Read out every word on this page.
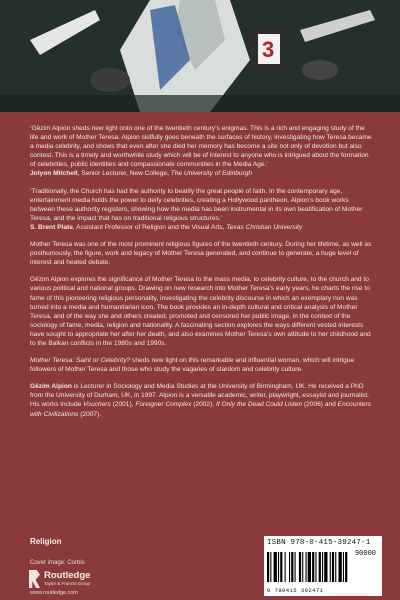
3

‘Gëzim Alpion sheds new light onto one of the twentieth century’s enigmas. This is a rich and engaging study of the life and work of Mother Teresa. Alpion skilfully goes beneath the surfaces of history, investigating how Teresa became a media celebrity, and shows that even after she died her memory has become a site not only of devotion but also contest. This is a timely and worthwhile study which will be of interest to anyone who is intrigued about the formation of celebrities, public identities and compassionate communities in the Media Age.’
Jolyon Mitchell, Senior Lecturer, New College, The University of Edinburgh

‘Traditionally, the Church has had the authority to beatify the great people of faith. In the contemporary age, entertainment media holds the power to deify celebrities, creating a Hollywood pantheon. Alpion’s book works between these authority registers, showing how the media has been instrumental in its own beatification of Mother Teresa, and the impact that has on traditional religious structures.’
S. Brent Plate, Assistant Professor of Religion and the Visual Arts, Texas Christian University

Mother Teresa was one of the most prominent religious figures of the twentieth century. During her lifetime, as well as posthumously, the figure, work and legacy of Mother Teresa generated, and continue to generate, a huge level of interest and heated debate.

Gëzim Alpion explores the significance of Mother Teresa to the mass media, to celebrity culture, to the church and to various political and national groups. Drawing on new research into Mother Teresa’s early years, he charts the rise to fame of this pioneering religious personality, investigating the celebrity discourse in which an exemplary nun was turned into a media and humanitarian icon. The book provides an in-depth cultural and critical analysis of Mother Teresa, and of the way she and others created, promoted and censored her public image, in the context of the sociology of fame, media, religion and nationality. A fascinating section explores the ways different vested interests have sought to appropriate her after her death, and also examines Mother Teresa’s own attitude to her childhood and to the Balkan conflicts in the 1980s and 1990s.

Mother Teresa: Saint or Celebrity? sheds new light on this remarkable and influential woman, which will intrigue followers of Mother Teresa and those who study the vagaries of stardom and celebrity culture.

Gëzim Alpion is Lecturer in Sociology and Media Studies at the University of Birmingham, UK. He received a PhD from the University of Durham, UK, in 1997. Alpion is a versatile academic, writer, playwright, essayist and journalist. His works include Vouchers (2001), Foreigner Complex (2002), If Only the Dead Could Listen (2006) and Encounters with Civilizations (2007).

Religion
Cover image: Corbis
Routledge
Taylor & Francis Group
www.routledge.com
ISBN 978-0-415-39247-1
90000
9 780415 392471
an informa business
